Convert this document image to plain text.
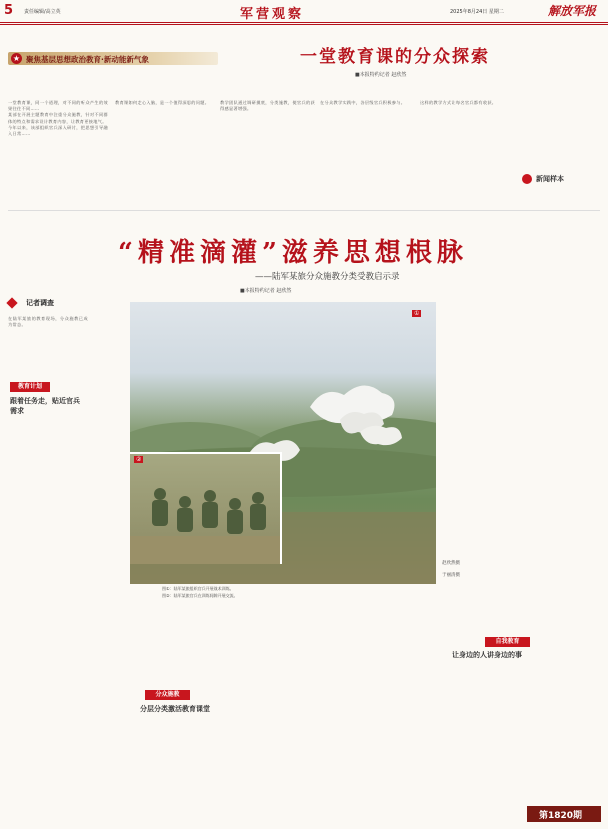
5 责任编辑/高立英	军营观察	2025年8月24日 星期二	解放军报
★ 聚焦基层思想政治教育·新动能新气象	一堂教育课的分众探索
■本报特约记者 赵欣然
一堂教育课，同一个道理，对不同的听众产生的效果往往不同……
某部在开展主题教育中注重分众施教，针对不同群体的特点和需求设计教育内容，让教育更接地气。
今年以来，该部组织官兵深入研讨，把思想引导融入日常……
教育课如何走心入脑，是一个值得深思的问题。	教学团队通过调研摸底，分类施教，使官兵的获得感显著增强。
在分众教学实践中，各层级官兵积极参与。	这样的教学方式让每名官兵都有收获。
新闻样本
“精准滴灌”滋养思想根脉
——陆军某旅分众施教分类受教启示录
■本报特约记者 赵欣然
记者调查
在陆军某旅的教育现场，分众施教已成为常态。
教育计划
跟着任务走，贴近官兵需求
①
②
图①：陆军某旅组织官兵开展战术训练。
图②：陆军某旅官兵在训练间隙开展交流。
赵欣然摄
于丽清摄
分众施教
分层分类激活教育课堂
自我教育
让身边的人讲身边的事
第1820期
